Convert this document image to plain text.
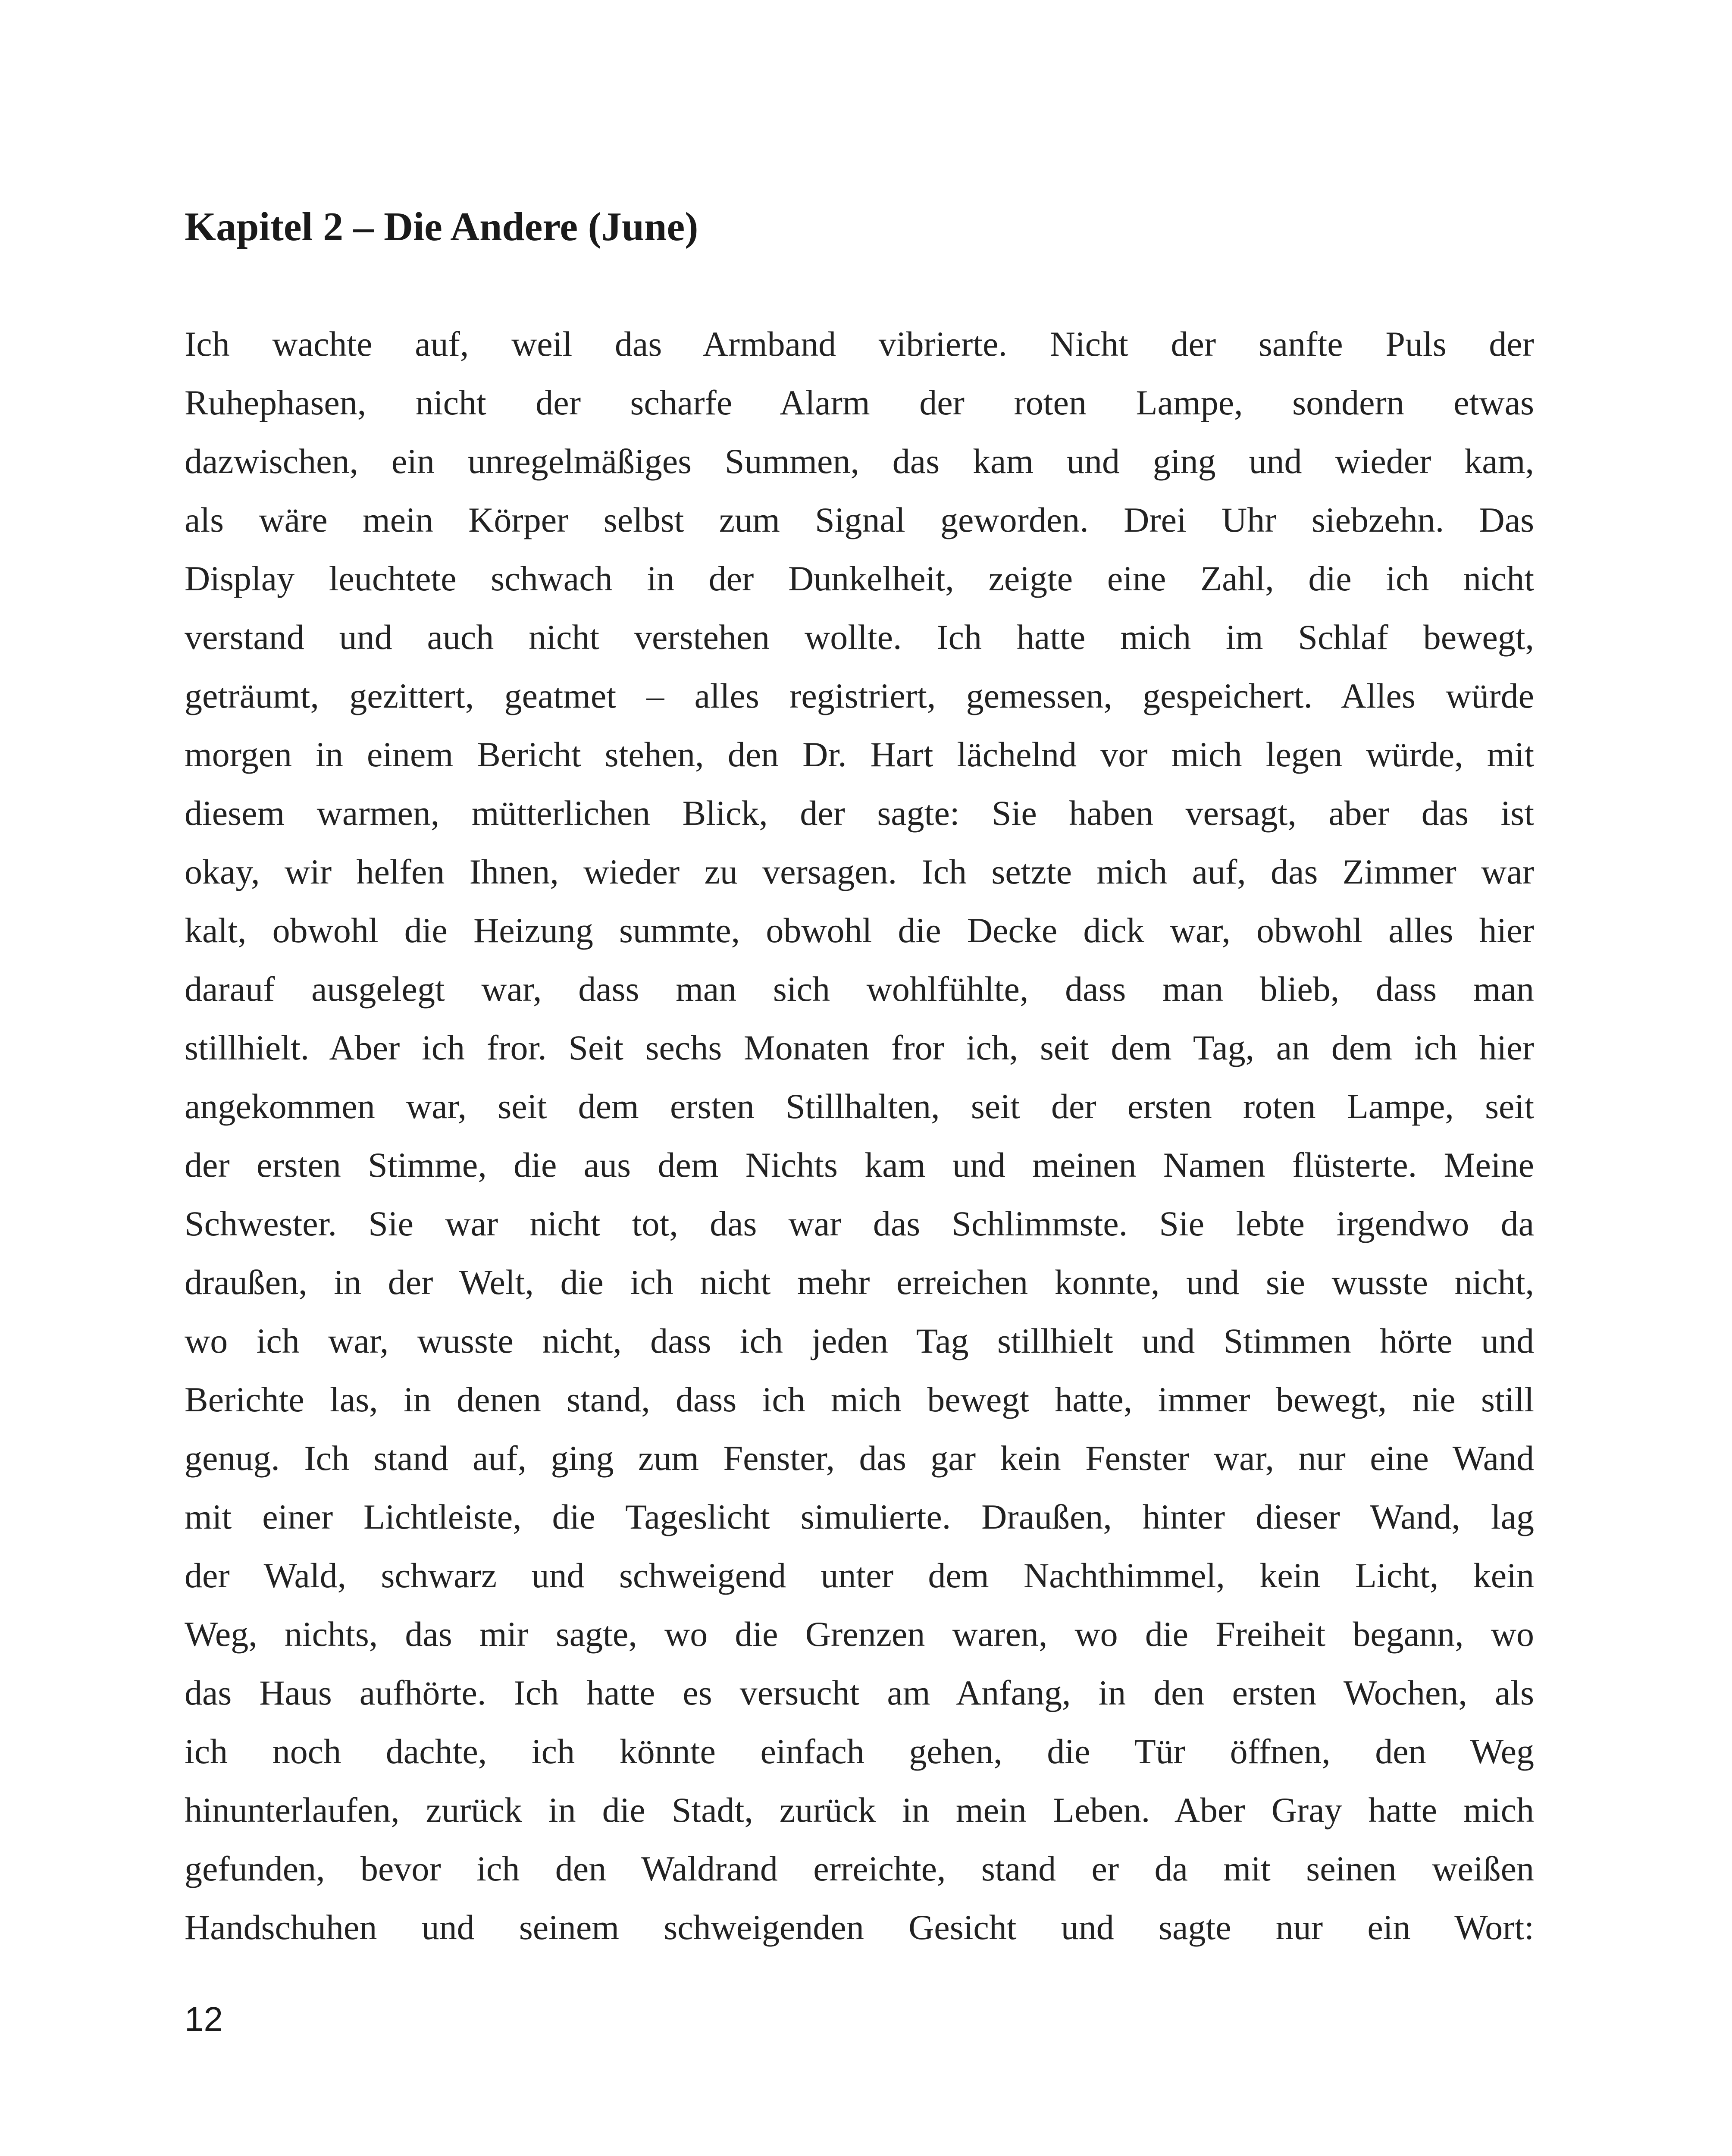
Kapitel 2 – Die Andere (June)
Ich wachte auf, weil das Armband vibrierte. Nicht der sanfte Puls der
Ruhephasen, nicht der scharfe Alarm der roten Lampe, sondern etwas
dazwischen, ein unregelmäßiges Summen, das kam und ging und wieder kam,
als wäre mein Körper selbst zum Signal geworden. Drei Uhr siebzehn. Das
Display leuchtete schwach in der Dunkelheit, zeigte eine Zahl, die ich nicht
verstand und auch nicht verstehen wollte. Ich hatte mich im Schlaf bewegt,
geträumt, gezittert, geatmet – alles registriert, gemessen, gespeichert. Alles würde
morgen in einem Bericht stehen, den Dr. Hart lächelnd vor mich legen würde, mit
diesem warmen, mütterlichen Blick, der sagte: Sie haben versagt, aber das ist
okay, wir helfen Ihnen, wieder zu versagen. Ich setzte mich auf, das Zimmer war
kalt, obwohl die Heizung summte, obwohl die Decke dick war, obwohl alles hier
darauf ausgelegt war, dass man sich wohlfühlte, dass man blieb, dass man
stillhielt. Aber ich fror. Seit sechs Monaten fror ich, seit dem Tag, an dem ich hier
angekommen war, seit dem ersten Stillhalten, seit der ersten roten Lampe, seit
der ersten Stimme, die aus dem Nichts kam und meinen Namen flüsterte. Meine
Schwester. Sie war nicht tot, das war das Schlimmste. Sie lebte irgendwo da
draußen, in der Welt, die ich nicht mehr erreichen konnte, und sie wusste nicht,
wo ich war, wusste nicht, dass ich jeden Tag stillhielt und Stimmen hörte und
Berichte las, in denen stand, dass ich mich bewegt hatte, immer bewegt, nie still
genug. Ich stand auf, ging zum Fenster, das gar kein Fenster war, nur eine Wand
mit einer Lichtleiste, die Tageslicht simulierte. Draußen, hinter dieser Wand, lag
der Wald, schwarz und schweigend unter dem Nachthimmel, kein Licht, kein
Weg, nichts, das mir sagte, wo die Grenzen waren, wo die Freiheit begann, wo
das Haus aufhörte. Ich hatte es versucht am Anfang, in den ersten Wochen, als
ich noch dachte, ich könnte einfach gehen, die Tür öffnen, den Weg
hinunterlaufen, zurück in die Stadt, zurück in mein Leben. Aber Gray hatte mich
gefunden, bevor ich den Waldrand erreichte, stand er da mit seinen weißen
Handschuhen und seinem schweigenden Gesicht und sagte nur ein Wort:
12
